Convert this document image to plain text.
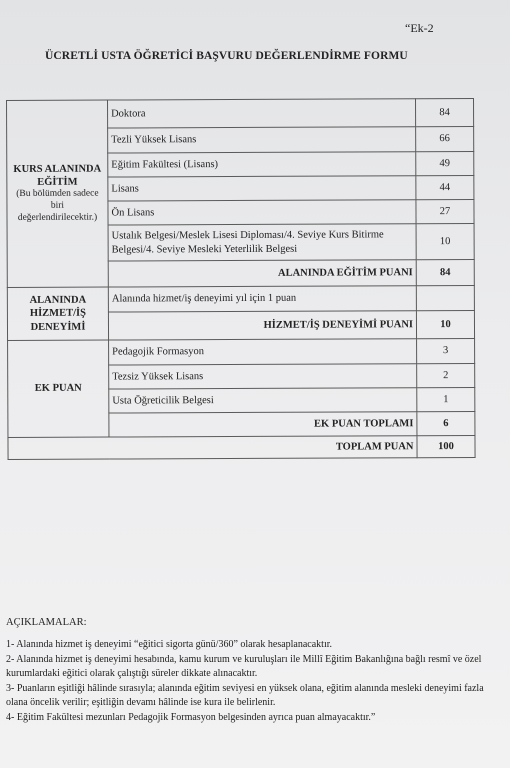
“Ek-2
ÜCRETLİ USTA ÖĞRETİCİ BAŞVURU DEĞERLENDİRME FORMU
KURS ALANINDA EĞİTİM
(Bu bölümden sadece biri değerlendirilecektir.)	Doktora	84
	Tezli Yüksek Lisans	66
	Eğitim Fakültesi (Lisans)	49
	Lisans	44
	Ön Lisans	27
	Ustalık Belgesi/Meslek Lisesi Diploması/4. Seviye Kurs Bitirme Belgesi/4. Seviye Mesleki Yeterlilik Belgesi	10
	ALANINDA EĞİTİM PUANI	84
ALANINDA HİZMET/İŞ DENEYİMİ	Alanında hizmet/iş deneyimi yıl için 1 puan	
	HİZMET/İŞ DENEYİMİ PUANI	10
EK PUAN	Pedagojik Formasyon	3
	Tezsiz Yüksek Lisans	2
	Usta Öğreticilik Belgesi	1
	EK PUAN TOPLAMI	6
TOPLAM PUAN		100
AÇIKLAMALAR:

1- Alanında hizmet iş deneyimi “eğitici sigorta günü/360” olarak hesaplanacaktır.

2- Alanında hizmet iş deneyimi hesabında, kamu kurum ve kuruluşları ile Millî Eğitim Bakanlığına bağlı resmî ve özel kurumlardaki eğitici olarak çalıştığı süreler dikkate alınacaktır.

3- Puanların eşitliği hâlinde sırasıyla; alanında eğitim seviyesi en yüksek olana, eğitim alanında mesleki deneyimi fazla olana öncelik verilir; eşitliğin devamı hâlinde ise kura ile belirlenir.

4- Eğitim Fakültesi mezunları Pedagojik Formasyon belgesinden ayrıca puan almayacaktır.”
